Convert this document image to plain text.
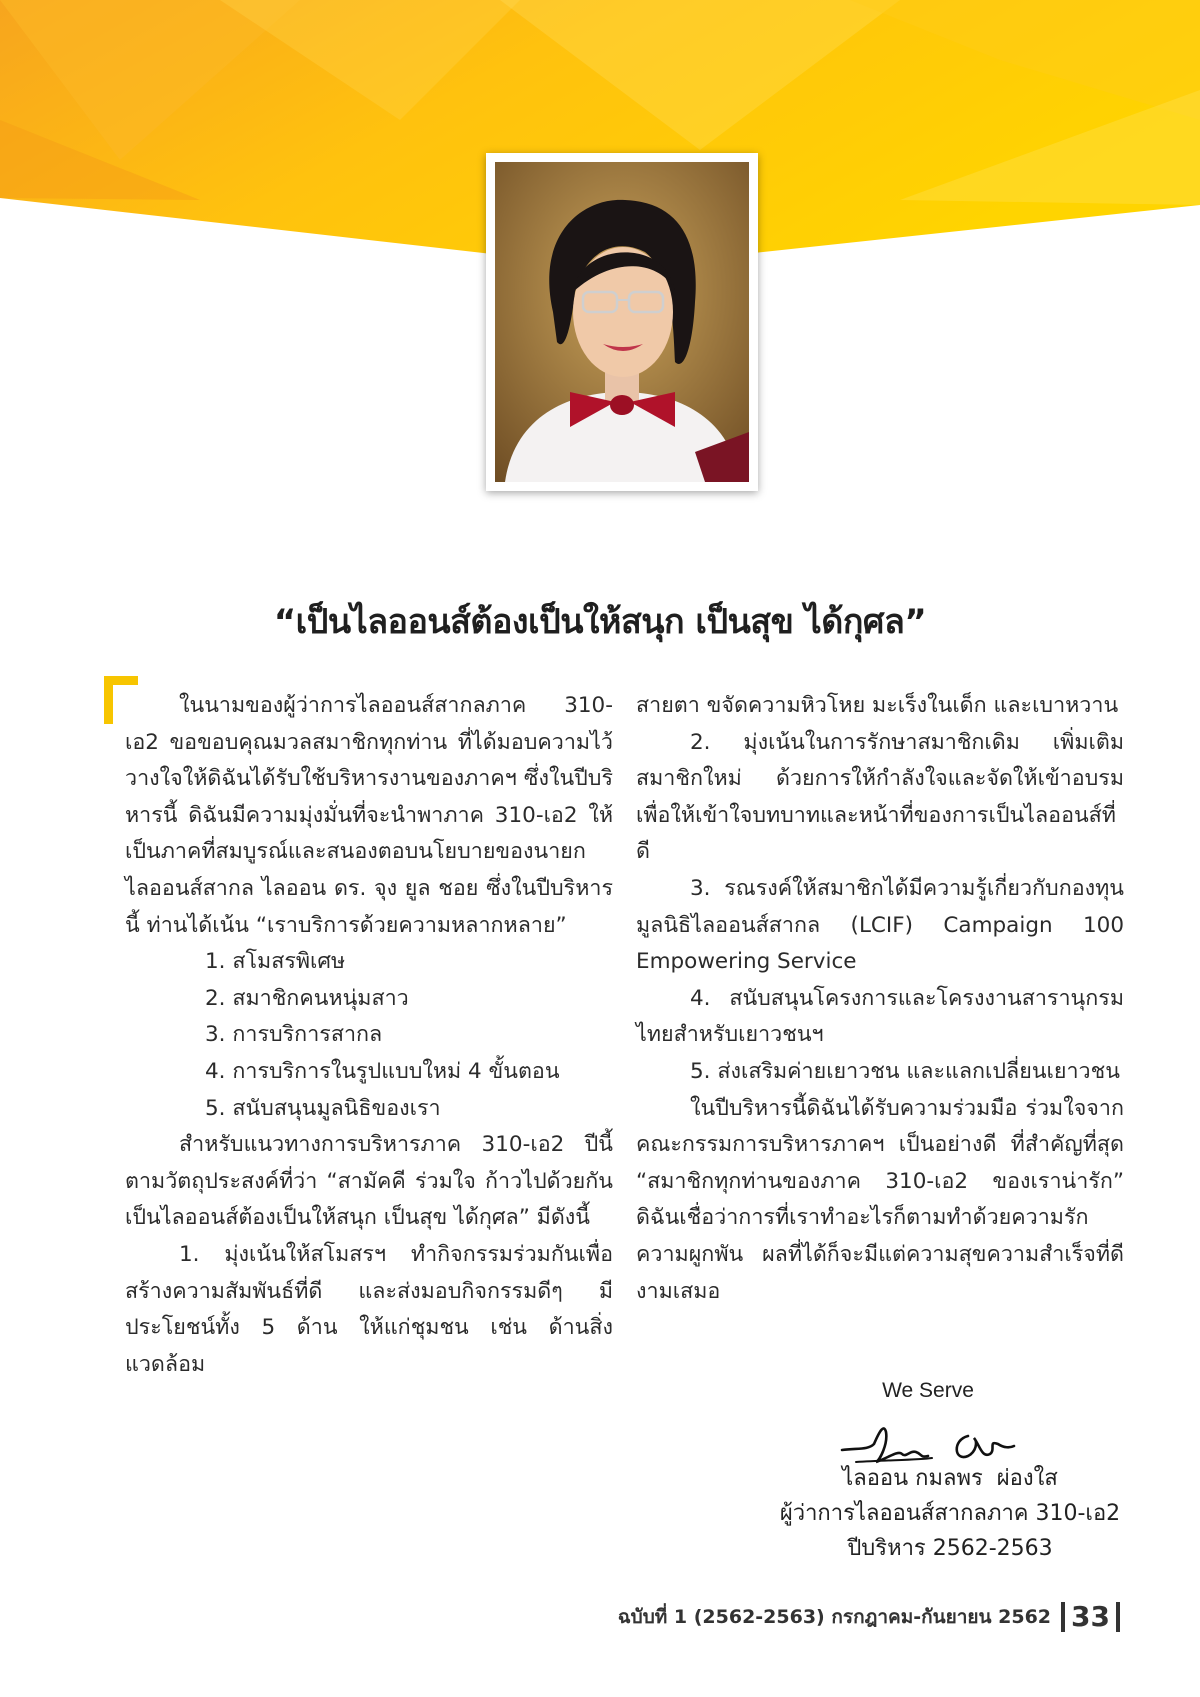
“เป็นไลออนส์ต้องเป็นให้สนุก เป็นสุข ได้กุศล”

ในนามของผู้ว่าการไลออนส์สากลภาค 310-เอ2 ขอขอบคุณมวลสมาชิกทุกท่าน ที่ได้มอบความไว้วางใจให้ดิฉันได้รับใช้บริหารงานของภาคฯ ซึ่งในปีบริหารนี้ ดิฉันมีความมุ่งมั่นที่จะนำพาภาค 310-เอ2 ให้เป็นภาคที่สมบูรณ์และสนองตอบนโยบายของนายกไลออนส์สากล ไลออน ดร. จุง ยูล ชอย ซึ่งในปีบริหารนี้ ท่านได้เน้น “เราบริการด้วยความหลากหลาย”

1. สโมสรพิเศษ

2. สมาชิกคนหนุ่มสาว

3. การบริการสากล

4. การบริการในรูปแบบใหม่ 4 ขั้นตอน

5. สนับสนุนมูลนิธิของเรา

สำหรับแนวทางการบริหารภาค 310-เอ2 ปีนี้ตามวัตถุประสงค์ที่ว่า “สามัคคี ร่วมใจ ก้าวไปด้วยกัน เป็นไลออนส์ต้องเป็นให้สนุก เป็นสุข ได้กุศล” มีดังนี้

1. มุ่งเน้นให้สโมสรฯ ทำกิจกรรมร่วมกันเพื่อสร้างความสัมพันธ์ที่ดี และส่งมอบกิจกรรมดีๆ มีประโยชน์ทั้ง 5 ด้าน ให้แก่ชุมชน เช่น ด้านสิ่งแวดล้อม

สายตา ขจัดความหิวโหย มะเร็งในเด็ก และเบาหวาน

2. มุ่งเน้นในการรักษาสมาชิกเดิม เพิ่มเติมสมาชิกใหม่ ด้วยการให้กำลังใจและจัดให้เข้าอบรมเพื่อให้เข้าใจบทบาทและหน้าที่ของการเป็นไลออนส์ที่ดี

3. รณรงค์ให้สมาชิกได้มีความรู้เกี่ยวกับกองทุนมูลนิธิไลออนส์สากล (LCIF) Campaign 100 Empowering Service

4. สนับสนุนโครงการและโครงงานสารานุกรมไทยสำหรับเยาวชนฯ

5. ส่งเสริมค่ายเยาวชน และแลกเปลี่ยนเยาวชน

ในปีบริหารนี้ดิฉันได้รับความร่วมมือ ร่วมใจจากคณะกรรมการบริหารภาคฯ เป็นอย่างดี ที่สำคัญที่สุด “สมาชิกทุกท่านของภาค 310-เอ2 ของเราน่ารัก” ดิฉันเชื่อว่าการที่เราทำอะไรก็ตามทำด้วยความรัก ความผูกพัน ผลที่ได้ก็จะมีแต่ความสุขความสำเร็จที่ดีงามเสมอ

We Serve
ไลออน กมลพร  ผ่องใส
ผู้ว่าการไลออนส์สากลภาค 310-เอ2
ปีบริหาร 2562-2563
ฉบับที่ 1 (2562-2563) กรกฎาคม-กันยายน 2562 33
